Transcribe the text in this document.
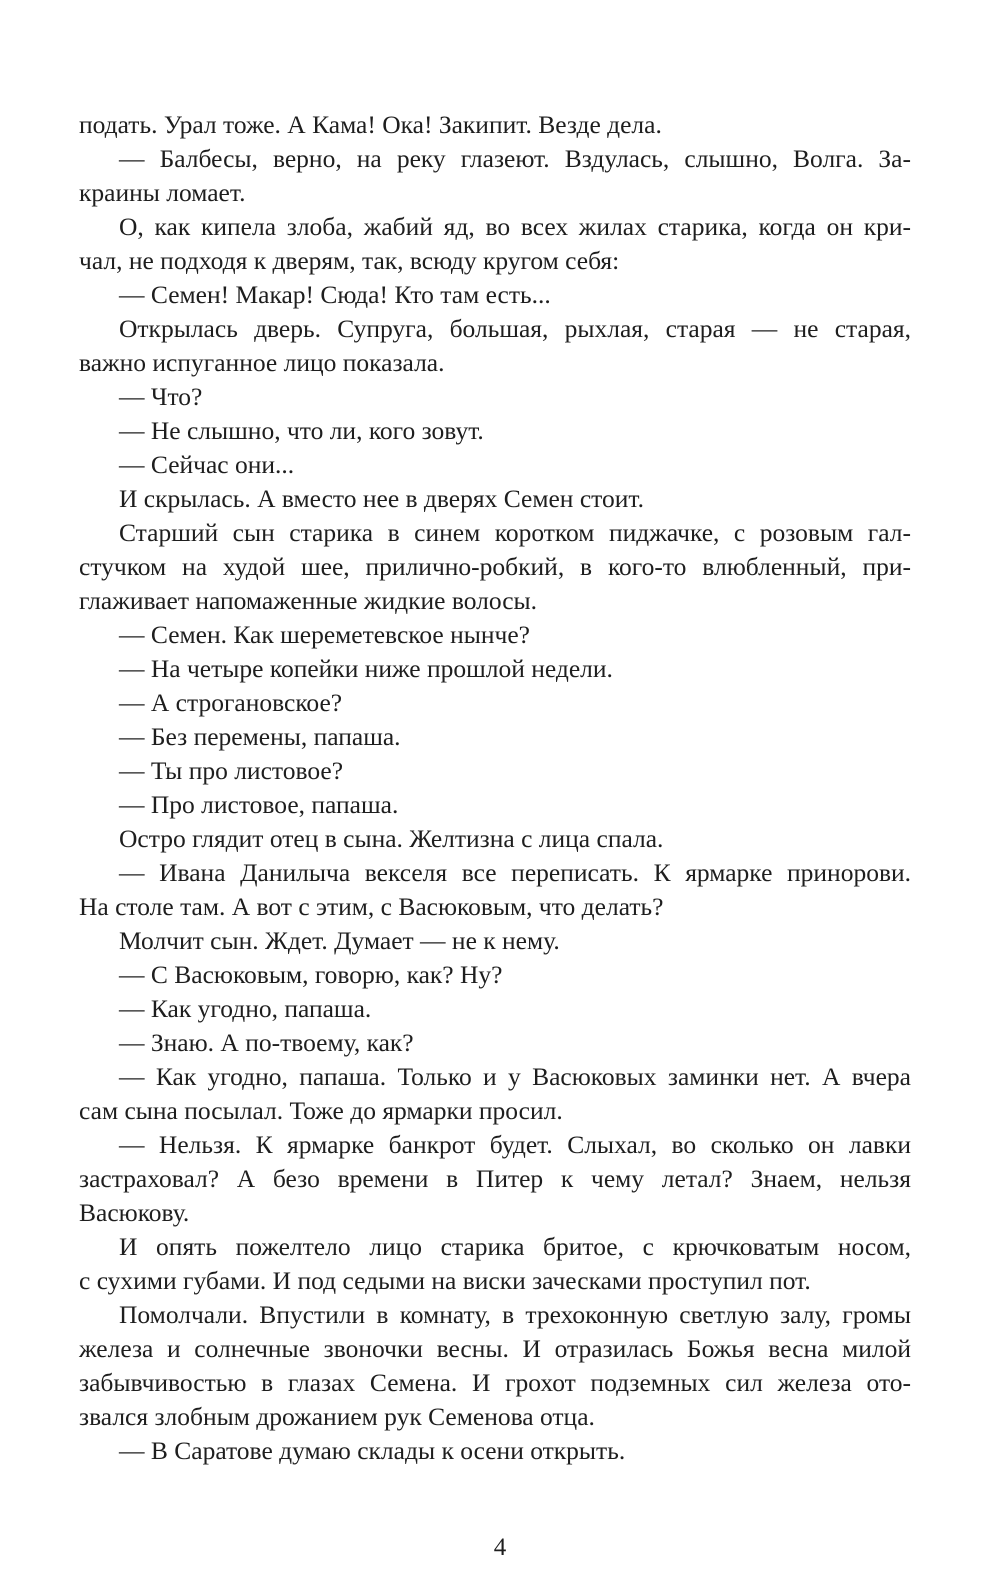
подать. Урал тоже. А Кама! Ока! Закипит. Везде дела.
— Балбесы, верно, на реку глазеют. Вздулась, слышно, Волга. За-
краины ломает.
О, как кипела злоба, жабий яд, во всех жилах старика, когда он кри-
чал, не подходя к дверям, так, всюду кругом себя:
— Семен! Макар! Сюда! Кто там есть...
Открылась дверь. Супруга, большая, рыхлая, старая — не старая,
важно испуганное лицо показала.
— Что?
— Не слышно, что ли, кого зовут.
— Сейчас они...
И скрылась. А вместо нее в дверях Семен стоит.
Старший сын старика в синем коротком пиджачке, с розовым гал-
стучком на худой шее, прилично-робкий, в кого-то влюбленный, при-
глаживает напомаженные жидкие волосы.
— Семен. Как шереметевское нынче?
— На четыре копейки ниже прошлой недели.
— А строгановское?
— Без перемены, папаша.
— Ты про листовое?
— Про листовое, папаша.
Остро глядит отец в сына. Желтизна с лица спала.
— Ивана Данилыча векселя все переписать. К ярмарке принорови.
На столе там. А вот с этим, с Васюковым, что делать?
Молчит сын. Ждет. Думает — не к нему.
— С Васюковым, говорю, как? Ну?
— Как угодно, папаша.
— Знаю. А по-твоему, как?
— Как угодно, папаша. Только и у Васюковых заминки нет. А вчера
сам сына посылал. Тоже до ярмарки просил.
— Нельзя. К ярмарке банкрот будет. Слыхал, во сколько он лавки
застраховал? А безо времени в Питер к чему летал? Знаем, нельзя
Васюкову.
И опять пожелтело лицо старика бритое, с крючковатым носом,
с сухими губами. И под седыми на виски заческами проступил пот.
Помолчали. Впустили в комнату, в трехоконную светлую залу, громы
железа и солнечные звоночки весны. И отразилась Божья весна милой
забывчивостью в глазах Семена. И грохот подземных сил железа ото-
звался злобным дрожанием рук Семенова отца.
— В Саратове думаю склады к осени открыть.
4
